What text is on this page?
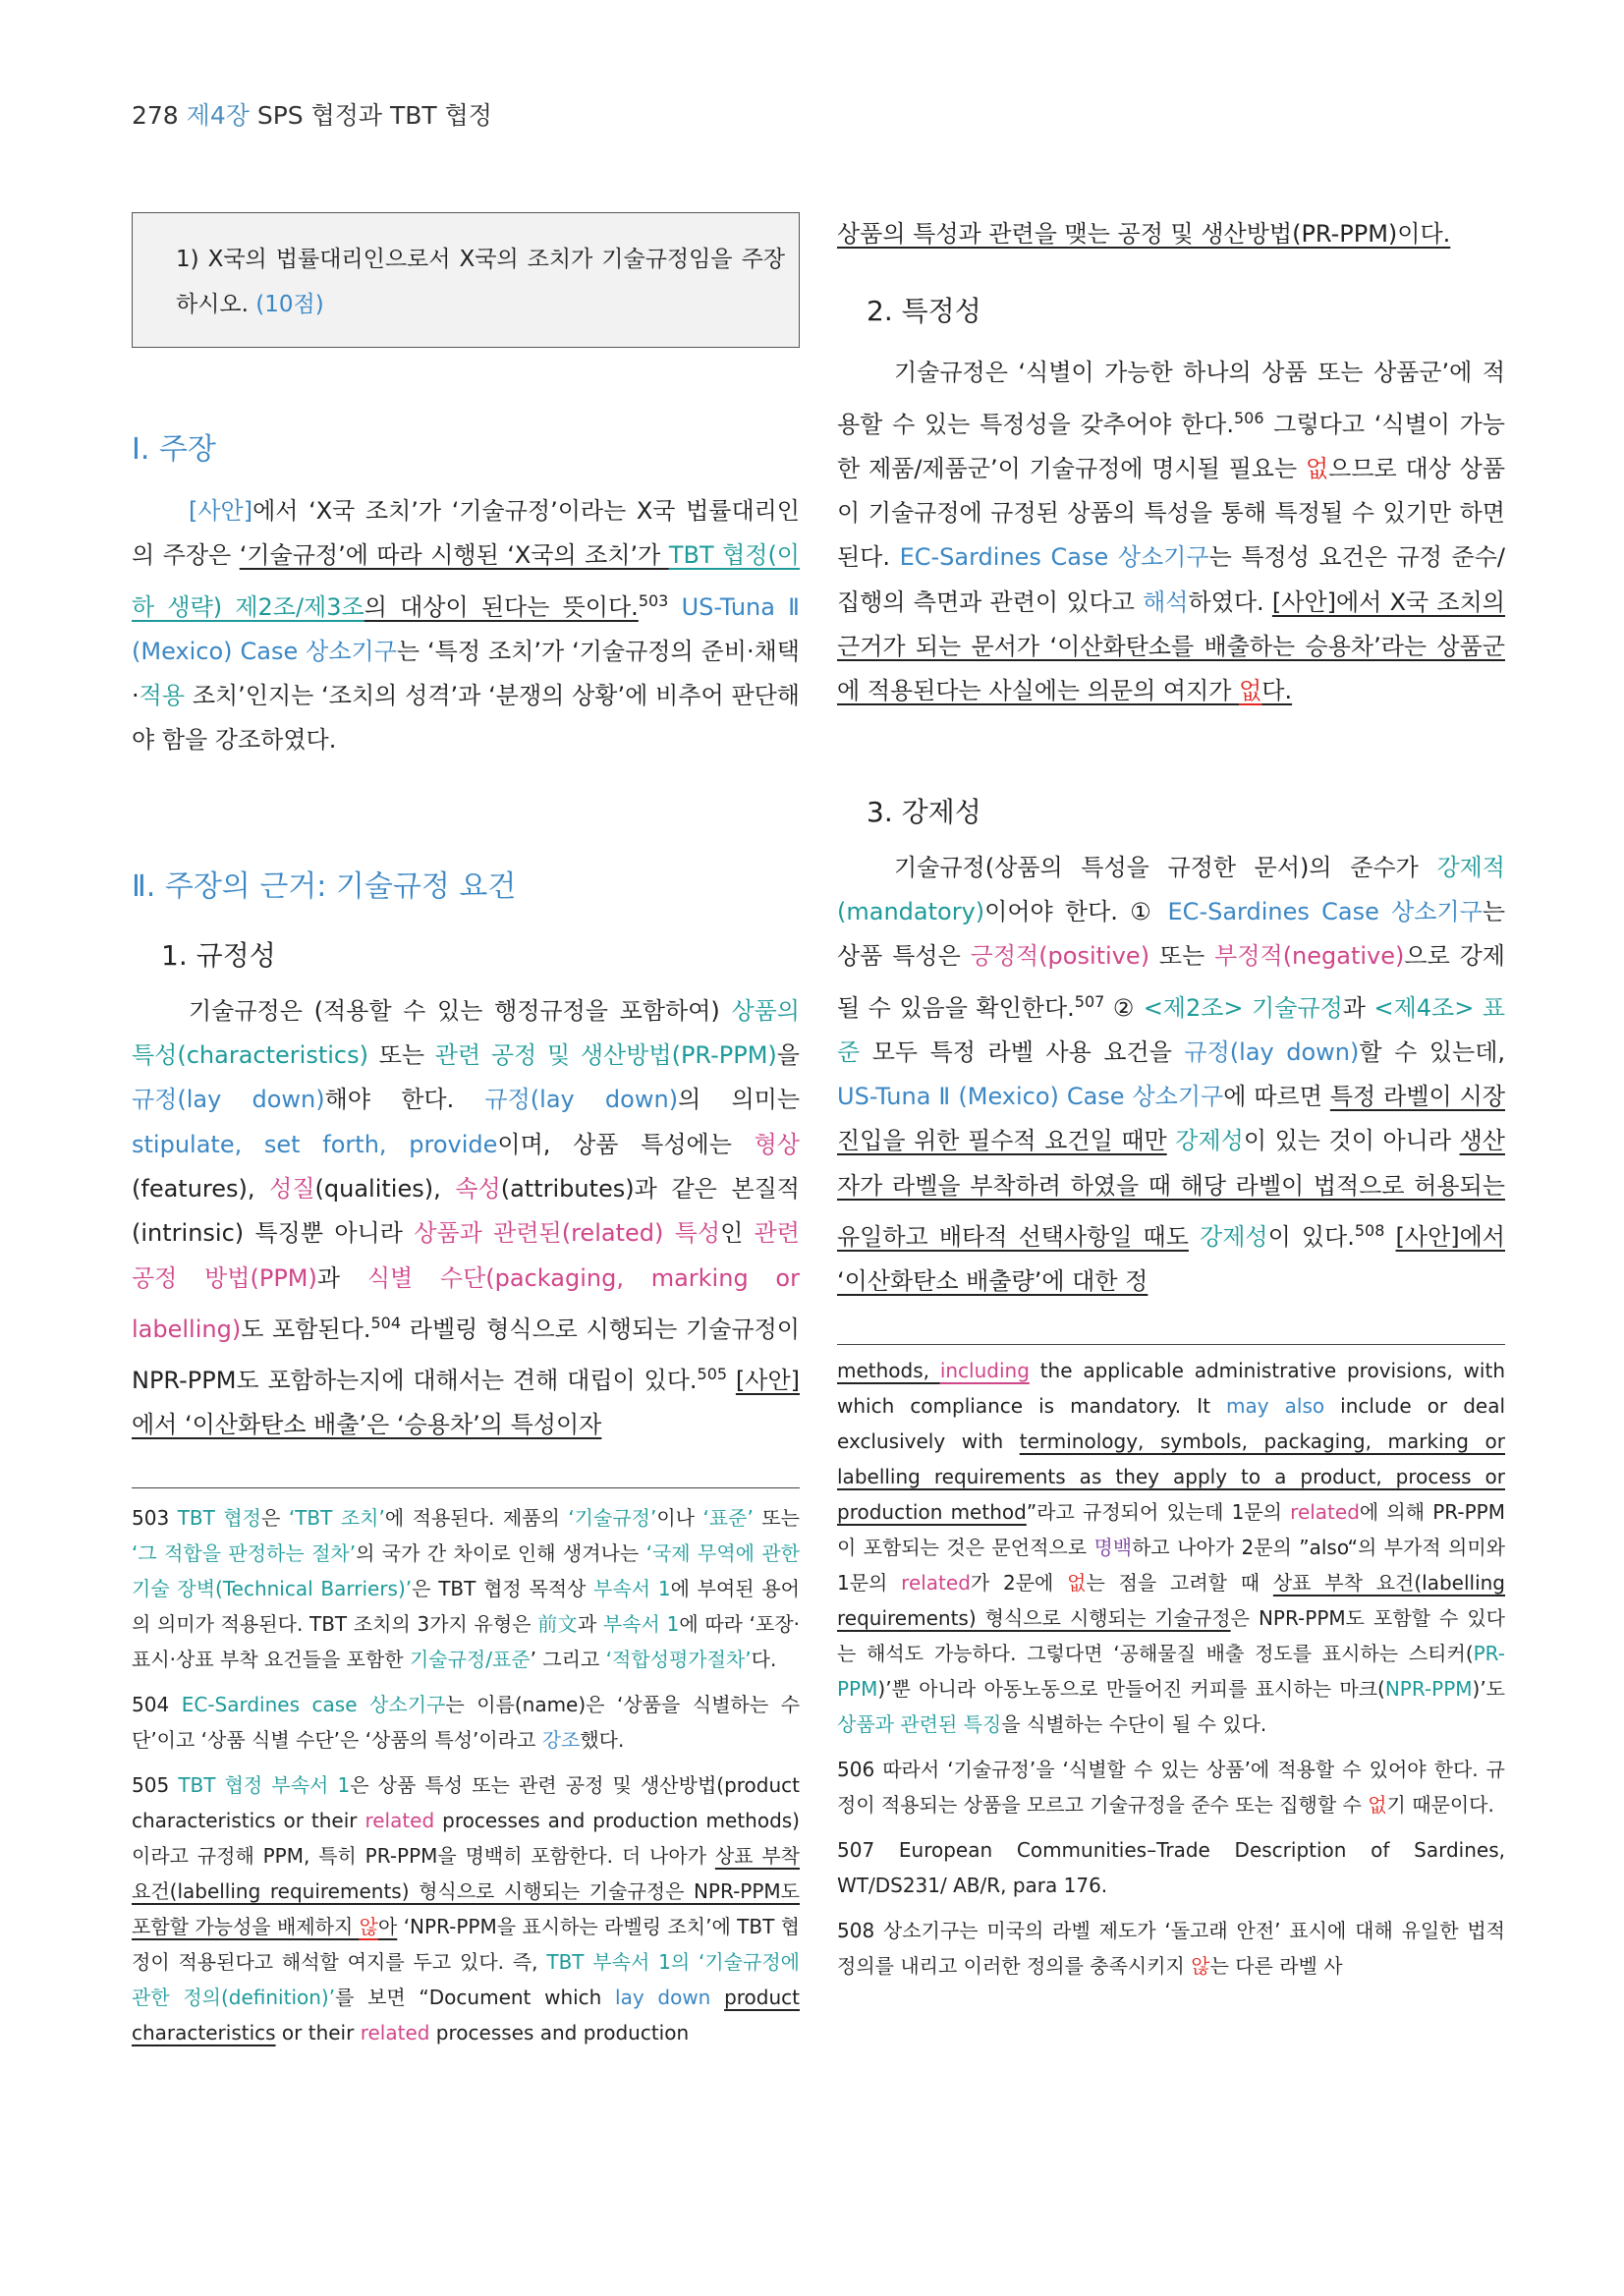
278 제4장 SPS 협정과 TBT 협정
1) X국의 법률대리인으로서 X국의 조치가 기술규정임을 주장하시오. (10점)

Ⅰ. 주장

[사안]에서 ‘X국 조치’가 ‘기술규정’이라는 X국 법률대리인의 주장은 ‘기술규정’에 따라 시행된 ‘X국의 조치’가 TBT 협정(이하 생략) 제2조/제3조의 대상이 된다는 뜻이다.$^{503}$ US-Tuna Ⅱ (Mexico) Case 상소기구는 ‘특정 조치’가 ‘기술규정의 준비·채택·적용 조치’인지는 ‘조치의 성격’과 ‘분쟁의 상황’에 비추어 판단해야 함을 강조하였다.

Ⅱ. 주장의 근거: 기술규정 요건

1. 규정성

기술규정은 (적용할 수 있는 행정규정을 포함하여) 상품의 특성(characteristics) 또는 관련 공정 및 생산방법(PR-PPM)을 규정(lay down)해야 한다. 규정(lay down)의 의미는 stipulate, set forth, provide이며, 상품 특성에는 형상(features), 성질(qualities), 속성(attributes)과 같은 본질적(intrinsic) 특징뿐 아니라 상품과 관련된(related) 특성인 관련 공정 방법(PPM)과 식별 수단(packaging, marking or labelling)도 포함된다.$^{504}$ 라벨링 형식으로 시행되는 기술규정이 NPR-PPM도 포함하는지에 대해서는 견해 대립이 있다.$^{505}$ [사안]에서 ‘이산화탄소 배출’은 ‘승용차’의 특성이자

503 TBT 협정은 ‘TBT 조치’에 적용된다. 제품의 ‘기술규정’이나 ‘표준’ 또는 ‘그 적합을 판정하는 절차’의 국가 간 차이로 인해 생겨나는 ‘국제 무역에 관한 기술 장벽(Technical Barriers)’은 TBT 협정 목적상 부속서 1에 부여된 용어의 의미가 적용된다. TBT 조치의 3가지 유형은 前文과 부속서 1에 따라 ‘포장·표시·상표 부착 요건들을 포함한 기술규정/표준’ 그리고 ‘적합성평가절차’다.

504 EC-Sardines case 상소기구는 이름(name)은 ‘상품을 식별하는 수단’이고 ‘상품 식별 수단’은 ‘상품의 특성’이라고 강조했다.

505 TBT 협정 부속서 1은 상품 특성 또는 관련 공정 및 생산방법(product characteristics or their related processes and production methods)이라고 규정해 PPM, 특히 PR-PPM을 명백히 포함한다. 더 나아가 상표 부착 요건(labelling requirements) 형식으로 시행되는 기술규정은 NPR-PPM도 포함할 가능성을 배제하지 않아 ‘NPR-PPM을 표시하는 라벨링 조치’에 TBT 협정이 적용된다고 해석할 여지를 두고 있다. 즉, TBT 부속서 1의 ‘기술규정에 관한 정의(definition)’를 보면 “Document which lay down product characteristics or their related processes and production

상품의 특성과 관련을 맺는 공정 및 생산방법(PR-PPM)이다.

2. 특정성

기술규정은 ‘식별이 가능한 하나의 상품 또는 상품군’에 적용할 수 있는 특정성을 갖추어야 한다.$^{506}$ 그렇다고 ‘식별이 가능한 제품/제품군’이 기술규정에 명시될 필요는 없으므로 대상 상품이 기술규정에 규정된 상품의 특성을 통해 특정될 수 있기만 하면 된다. EC-Sardines Case 상소기구는 특정성 요건은 규정 준수/집행의 측면과 관련이 있다고 해석하였다. [사안]에서 X국 조치의 근거가 되는 문서가 ‘이산화탄소를 배출하는 승용차’라는 상품군에 적용된다는 사실에는 의문의 여지가 없다.

3. 강제성

기술규정(상품의 특성을 규정한 문서)의 준수가 강제적(mandatory)이어야 한다. ① EC-Sardines Case 상소기구는 상품 특성은 긍정적(positive) 또는 부정적(negative)으로 강제될 수 있음을 확인한다.$^{507}$ ② <제2조> 기술규정과 <제4조> 표준 모두 특정 라벨 사용 요건을 규정(lay down)할 수 있는데, US-Tuna Ⅱ (Mexico) Case 상소기구에 따르면 특정 라벨이 시장진입을 위한 필수적 요건일 때만 강제성이 있는 것이 아니라 생산자가 라벨을 부착하려 하였을 때 해당 라벨이 법적으로 허용되는 유일하고 배타적 선택사항일 때도 강제성이 있다.$^{508}$ [사안]에서 ‘이산화탄소 배출량’에 대한 정

methods, including the applicable administrative provisions, with which compliance is mandatory. It may also include or deal exclusively with terminology, symbols, packaging, marking or labelling requirements as they apply to a product, process or production method”라고 규정되어 있는데 1문의 related에 의해 PR-PPM이 포함되는 것은 문언적으로 명백하고 나아가 2문의 ”also“의 부가적 의미와 1문의 related가 2문에 없는 점을 고려할 때 상표 부착 요건(labelling requirements) 형식으로 시행되는 기술규정은 NPR-PPM도 포함할 수 있다는 해석도 가능하다. 그렇다면 ‘공해물질 배출 정도를 표시하는 스티커(PR-PPM)’뿐 아니라 아동노동으로 만들어진 커피를 표시하는 마크(NPR-PPM)’도 상품과 관련된 특징을 식별하는 수단이 될 수 있다.

506 따라서 ‘기술규정’을 ‘식별할 수 있는 상품’에 적용할 수 있어야 한다. 규정이 적용되는 상품을 모르고 기술규정을 준수 또는 집행할 수 없기 때문이다.

507 European Communities–Trade Description of Sardines, WT/DS231/ AB/R, para 176.

508 상소기구는 미국의 라벨 제도가 ‘돌고래 안전’ 표시에 대해 유일한 법적 정의를 내리고 이러한 정의를 충족시키지 않는 다른 라벨 사
